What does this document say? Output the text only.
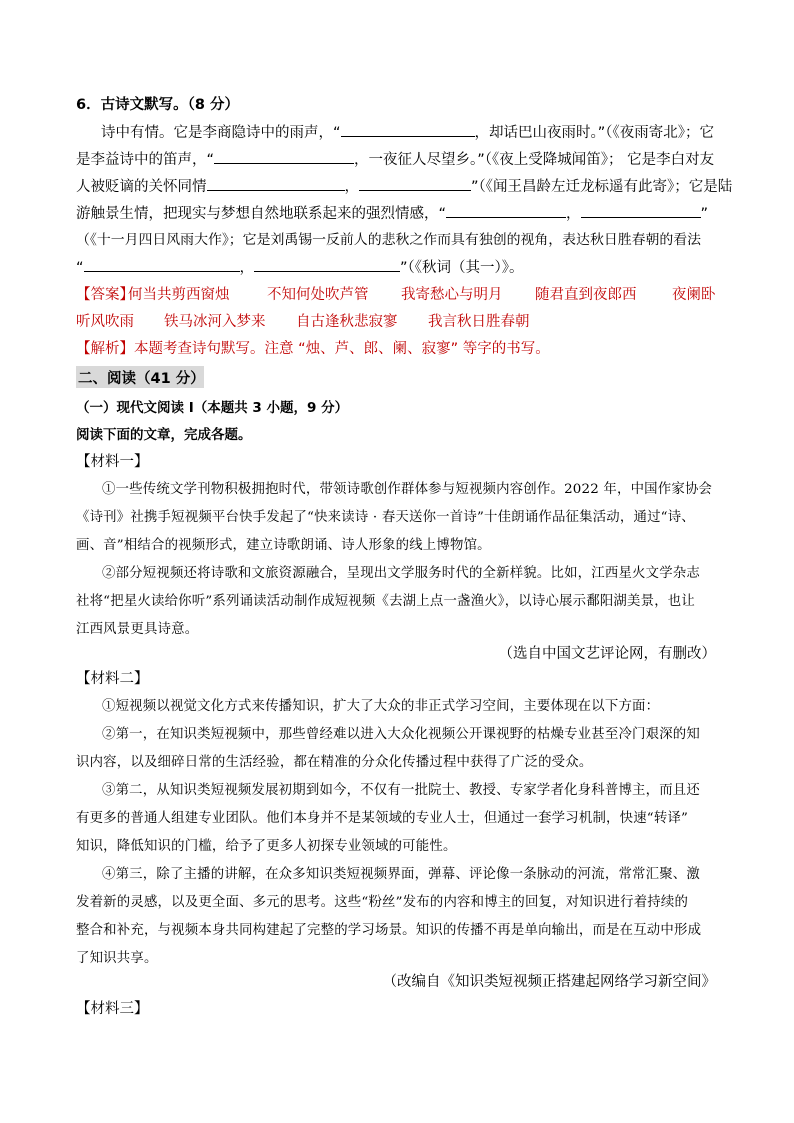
6．古诗文默写。（8 分）
诗中有情。它是李商隐诗中的雨声，“	，却话巴山夜雨时。”（《夜雨寄北》；它
是李益诗中的笛声，“	，一夜征人尽望乡。”（《夜上受降城闻笛》； 它是李白对友
人被贬谪的关怀同情	，	”（《闻王昌龄左迁龙标遥有此寄》；它是陆
游触景生情，把现实与梦想自然地联系起来的强烈情感，“	，	”
（《十一月四日风雨大作》；它是刘禹锡一反前人的悲秋之作而具有独创的视角，表达秋日胜春朝的看法
“	，	”（《秋词（其一）》。
【答案】
何当共剪西窗烛	不知何处吹芦管 我寄愁心与明月 随君直到夜郎西 夜阑卧
听风吹雨 铁马冰河入梦来 自古逢秋悲寂寥 我言秋日胜春朝
【解析】本题考查诗句默写。注意 “烛、芦、郎、阑、寂寥” 等字的书写。
二、阅读（41 分）
（一）现代文阅读 I（本题共 3 小题，9 分）
阅读下面的文章，完成各题。
【材料一】
①一些传统文学刊物积极拥抱时代，带领诗歌创作群体参与短视频内容创作。2022 年，中国作家协会
《诗刊》社携手短视频平台快手发起了“快来读诗 · 春天送你一首诗”十佳朗诵作品征集活动，通过“诗、
画、音”相结合的视频形式，建立诗歌朗诵、诗人形象的线上博物馆。
②部分短视频还将诗歌和文旅资源融合，呈现出文学服务时代的全新样貌。比如，江西星火文学杂志
社将“把星火读给你听”系列诵读活动制作成短视频《去湖上点一盏渔火》，以诗心展示鄱阳湖美景，也让
江西风景更具诗意。
（选自中国文艺评论网，有删改）
【材料二】
①短视频以视觉文化方式来传播知识，扩大了大众的非正式学习空间，主要体现在以下方面：
②第一，在知识类短视频中，那些曾经难以进入大众化视频公开课视野的枯燥专业甚至冷门艰深的知
识内容，以及细碎日常的生活经验，都在精准的分众化传播过程中获得了广泛的受众。
③第二，从知识类短视频发展初期到如今，不仅有一批院士、教授、专家学者化身科普博主，而且还
有更多的普通人组建专业团队。他们本身并不是某领域的专业人士，但通过一套学习机制，快速“转译”
知识，降低知识的门槛，给予了更多人初探专业领域的可能性。
④第三，除了主播的讲解，在众多知识类短视频界面，弹幕、评论像一条脉动的河流，常常汇聚、激
发着新的灵感，以及更全面、多元的思考。这些“粉丝”发布的内容和博主的回复，对知识进行着持续的
整合和补充，与视频本身共同构建起了完整的学习场景。知识的传播不再是单向输出，而是在互动中形成
了知识共享。
（改编自《知识类短视频正搭建起网络学习新空间》
【材料三】
